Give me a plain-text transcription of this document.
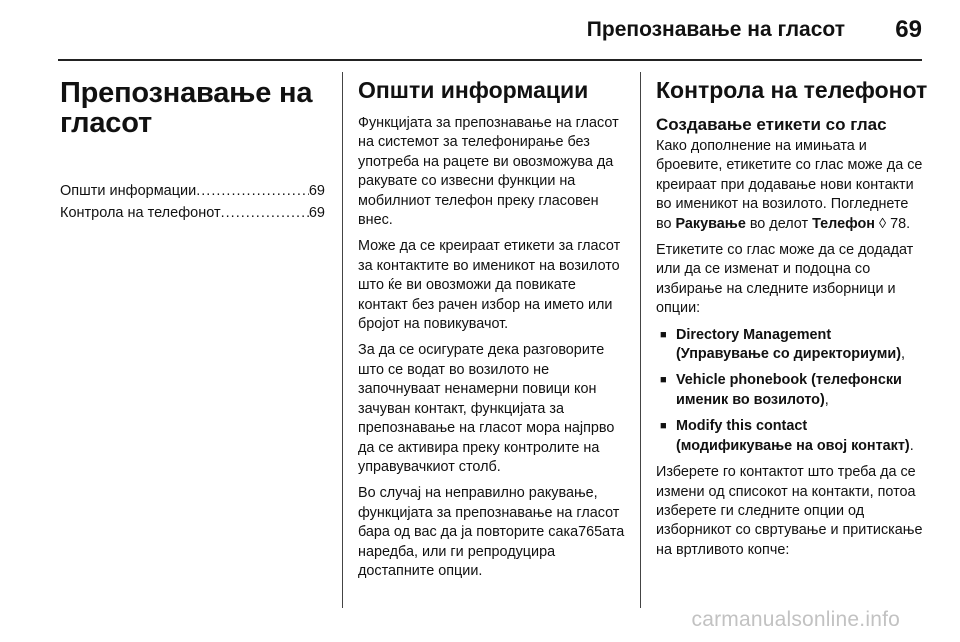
Препознавање на гласот 69
Препознавање на
гласот
Општи информации .....	69
Контрола на телефонот .....	69
Општи информации

Функцијата за препознавање на гласот на системот за телефонирање без употреба на рацете ви овозможува да ракувате со извесни функции на мобилниот телефон преку гласовен внес.

Може да се креираат етикети за гласот за контактите во именикот на возилото што ќе ви овозможи да повикате контакт без рачен избор на името или бројот на повикувачот.

За да се осигурате дека разговорите што се водат во возилото не започнуваат ненамерни повици кон зачуван контакт, функцијата за препознавање на гласот мора најпрво да се активира преку контролите на управувачкиот столб.

Во случај на неправилно ракување, функцијата за препознавање на гласот бара од вас да ја повторите сака765ата наредба, или ги репродуцира достапните опции.

Контрола на телефонот
Создавање етикети со глас

Како дополнение на имињата и броевите, етикетите со глас може да се креираат при додавање нови контакти во именикот на возилото. Погледнете во Ракување во делот Телефон ◊ 78.

Етикетите со глас може да се додадат или да се изменат и подоцна со избирање на следните изборници и опции:

■ Directory Management (Управување со директориуми),
■ Vehicle phonebook (телефонски именик во возилото),
■ Modify this contact (модификување на овој контакт).

Изберете го контактот што треба да се измени од списокот на контакти, потоа изберете ги следните опции од изборникот со свртување и притискање на вртливото копче:

carmanualsonline.info
